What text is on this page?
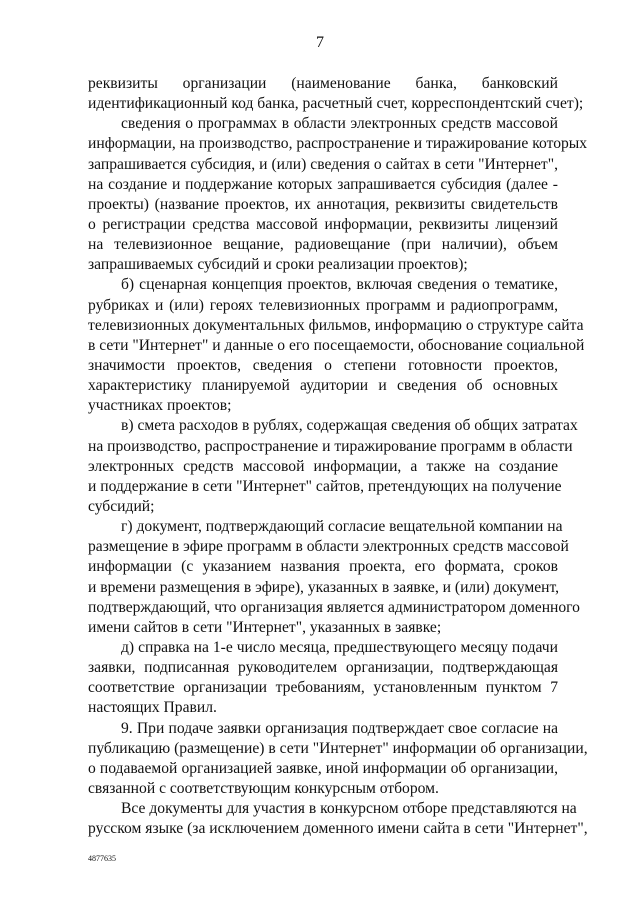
7
реквизиты организации (наименование банка, банковский
идентификационный код банка, расчетный счет, корреспондентский счет);
сведения о программах в области электронных средств массовой
информации, на производство, распространение и тиражирование которых
запрашивается субсидия, и (или) сведения о сайтах в сети "Интернет",
на создание и поддержание которых запрашивается субсидия (далее -
проекты) (название проектов, их аннотация, реквизиты свидетельств
о регистрации средства массовой информации, реквизиты лицензий
на телевизионное вещание, радиовещание (при наличии), объем
запрашиваемых субсидий и сроки реализации проектов);
б) сценарная концепция проектов, включая сведения о тематике,
рубриках и (или) героях телевизионных программ и радиопрограмм,
телевизионных документальных фильмов, информацию о структуре сайта
в сети "Интернет" и данные о его посещаемости, обоснование социальной
значимости проектов, сведения о степени готовности проектов,
характеристику планируемой аудитории и сведения об основных
участниках проектов;
в) смета расходов в рублях, содержащая сведения об общих затратах
на производство, распространение и тиражирование программ в области
электронных средств массовой информации, а также на создание
и поддержание в сети "Интернет" сайтов, претендующих на получение
субсидий;
г) документ, подтверждающий согласие вещательной компании на
размещение в эфире программ в области электронных средств массовой
информации (с указанием названия проекта, его формата, сроков
и времени размещения в эфире), указанных в заявке, и (или) документ,
подтверждающий, что организация является администратором доменного
имени сайтов в сети "Интернет", указанных в заявке;
д) справка на 1-е число месяца, предшествующего месяцу подачи
заявки, подписанная руководителем организации, подтверждающая
соответствие организации требованиям, установленным пунктом 7
настоящих Правил.
9. При подаче заявки организация подтверждает свое согласие на
публикацию (размещение) в сети "Интернет" информации об организации,
о подаваемой организацией заявке, иной информации об организации,
связанной с соответствующим конкурсным отбором.
Все документы для участия в конкурсном отборе представляются на
русском языке (за исключением доменного имени сайта в сети "Интернет",
4877635
